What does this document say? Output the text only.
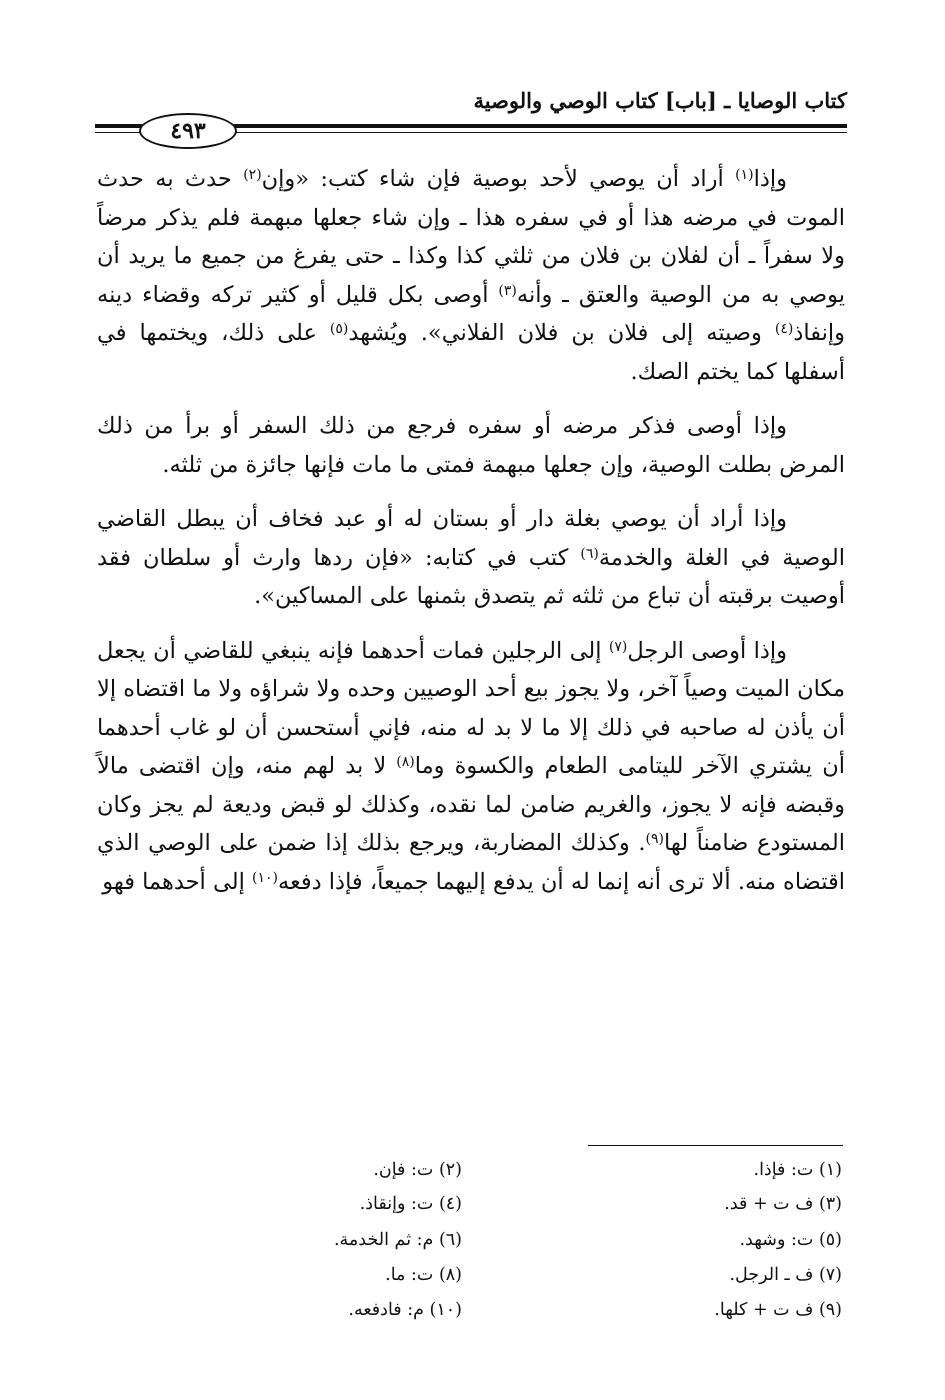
كتاب الوصايا ـ [باب] كتاب الوصي والوصية
٤٩٣

وإذا$^{(١)}$ أراد أن يوصي لأحد بوصية فإن شاء كتب: «وإن$^{(٢)}$ حدث به حدث الموت في مرضه هذا أو في سفره هذا ـ وإن شاء جعلها مبهمة فلم يذكر مرضاً ولا سفراً ـ أن لفلان بن فلان من ثلثي كذا وكذا ـ حتى يفرغ من جميع ما يريد أن يوصي به من الوصية والعتق ـ وأنه$^{(٣)}$ أوصى بكل قليل أو كثير تركه وقضاء دينه وإنفاذ$^{(٤)}$ وصيته إلى فلان بن فلان الفلاني». ويُشهد$^{(٥)}$ على ذلك، ويختمها في أسفلها كما يختم الصك.

وإذا أوصى فذكر مرضه أو سفره فرجع من ذلك السفر أو برأ من ذلك المرض بطلت الوصية، وإن جعلها مبهمة فمتى ما مات فإنها جائزة من ثلثه.

وإذا أراد أن يوصي بغلة دار أو بستان له أو عبد فخاف أن يبطل القاضي الوصية في الغلة والخدمة$^{(٦)}$ كتب في كتابه: «فإن ردها وارث أو سلطان فقد أوصيت برقبته أن تباع من ثلثه ثم يتصدق بثمنها على المساكين».

وإذا أوصى الرجل$^{(٧)}$ إلى الرجلين فمات أحدهما فإنه ينبغي للقاضي أن يجعل مكان الميت وصياً آخر، ولا يجوز بيع أحد الوصيين وحده ولا شراؤه ولا ما اقتضاه إلا أن يأذن له صاحبه في ذلك إلا ما لا بد له منه، فإني أستحسن أن لو غاب أحدهما أن يشتري الآخر لليتامى الطعام والكسوة وما$^{(٨)}$ لا بد لهم منه، وإن اقتضى مالاً وقبضه فإنه لا يجوز، والغريم ضامن لما نقده، وكذلك لو قبض وديعة لم يجز وكان المستودع ضامناً لها$^{(٩)}$. وكذلك المضاربة، ويرجع بذلك إذا ضمن على الوصي الذي اقتضاه منه. ألا ترى أنه إنما له أن يدفع إليهما جميعاً، فإذا دفعه$^{(١٠)}$ إلى أحدهما فهو

(١) ت: فإذا.
(٢) ت: فإن.
(٣) ف ت + قد.
(٤) ت: وإنقاذ.
(٥) ت: وشهد.
(٦) م: ثم الخدمة.
(٧) ف ـ الرجل.
(٨) ت: ما.
(٩) ف ت + كلها.
(١٠) م: فادفعه.
